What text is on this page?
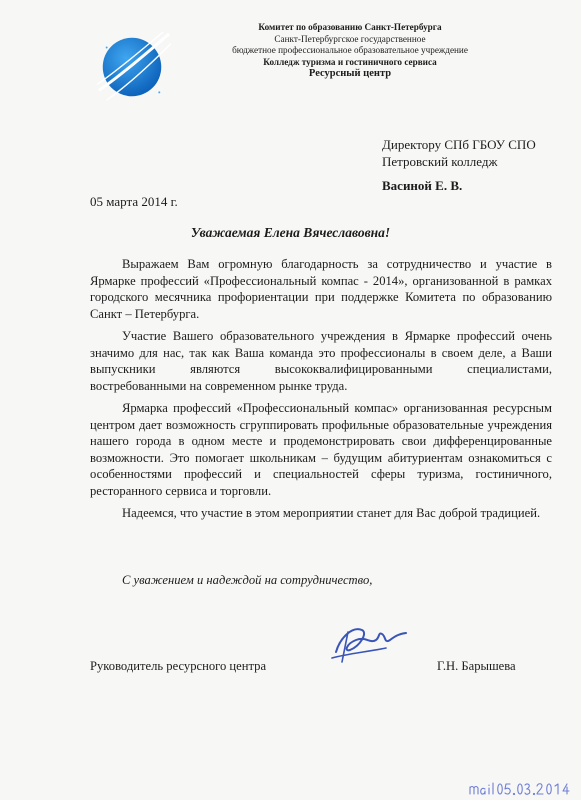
Комитет по образованию Санкт-Петербурга
Санкт-Петербургское государственное
бюджетное профессиональное образовательное учреждение
Колледж туризма и гостиничного сервиса
Ресурсный центр
Директору СПб ГБОУ СПО
Петровский колледж
Васиной Е. В.
05 марта 2014 г.
Уважаемая Елена Вячеславовна!

Выражаем Вам огромную благодарность за сотрудничество и участие в Ярмарке профессий «Профессиональный компас - 2014», организованной в рамках городского месячника профориентации при поддержке Комитета по образованию Санкт – Петербурга.

Участие Вашего образовательного учреждения в Ярмарке профессий очень значимо для нас, так как Ваша команда это профессионалы в своем деле, а Ваши выпускники являются высококвалифицированными специалистами, востребованными на современном рынке труда.

Ярмарка профессий «Профессиональный компас» организованная ресурсным центром дает возможность сгруппировать профильные образовательные учреждения нашего города в одном месте и продемонстрировать свои дифференцированные возможности. Это помогает школьникам – будущим абитуриентам ознакомиться с особенностями профессий и специальностей сферы туризма, гостиничного, ресторанного сервиса и торговли.

Надеемся, что участие в этом мероприятии станет для Вас доброй традицией.

С уважением и надеждой на сотрудничество,
Руководитель ресурсного центра	Г.Н. Барышева
